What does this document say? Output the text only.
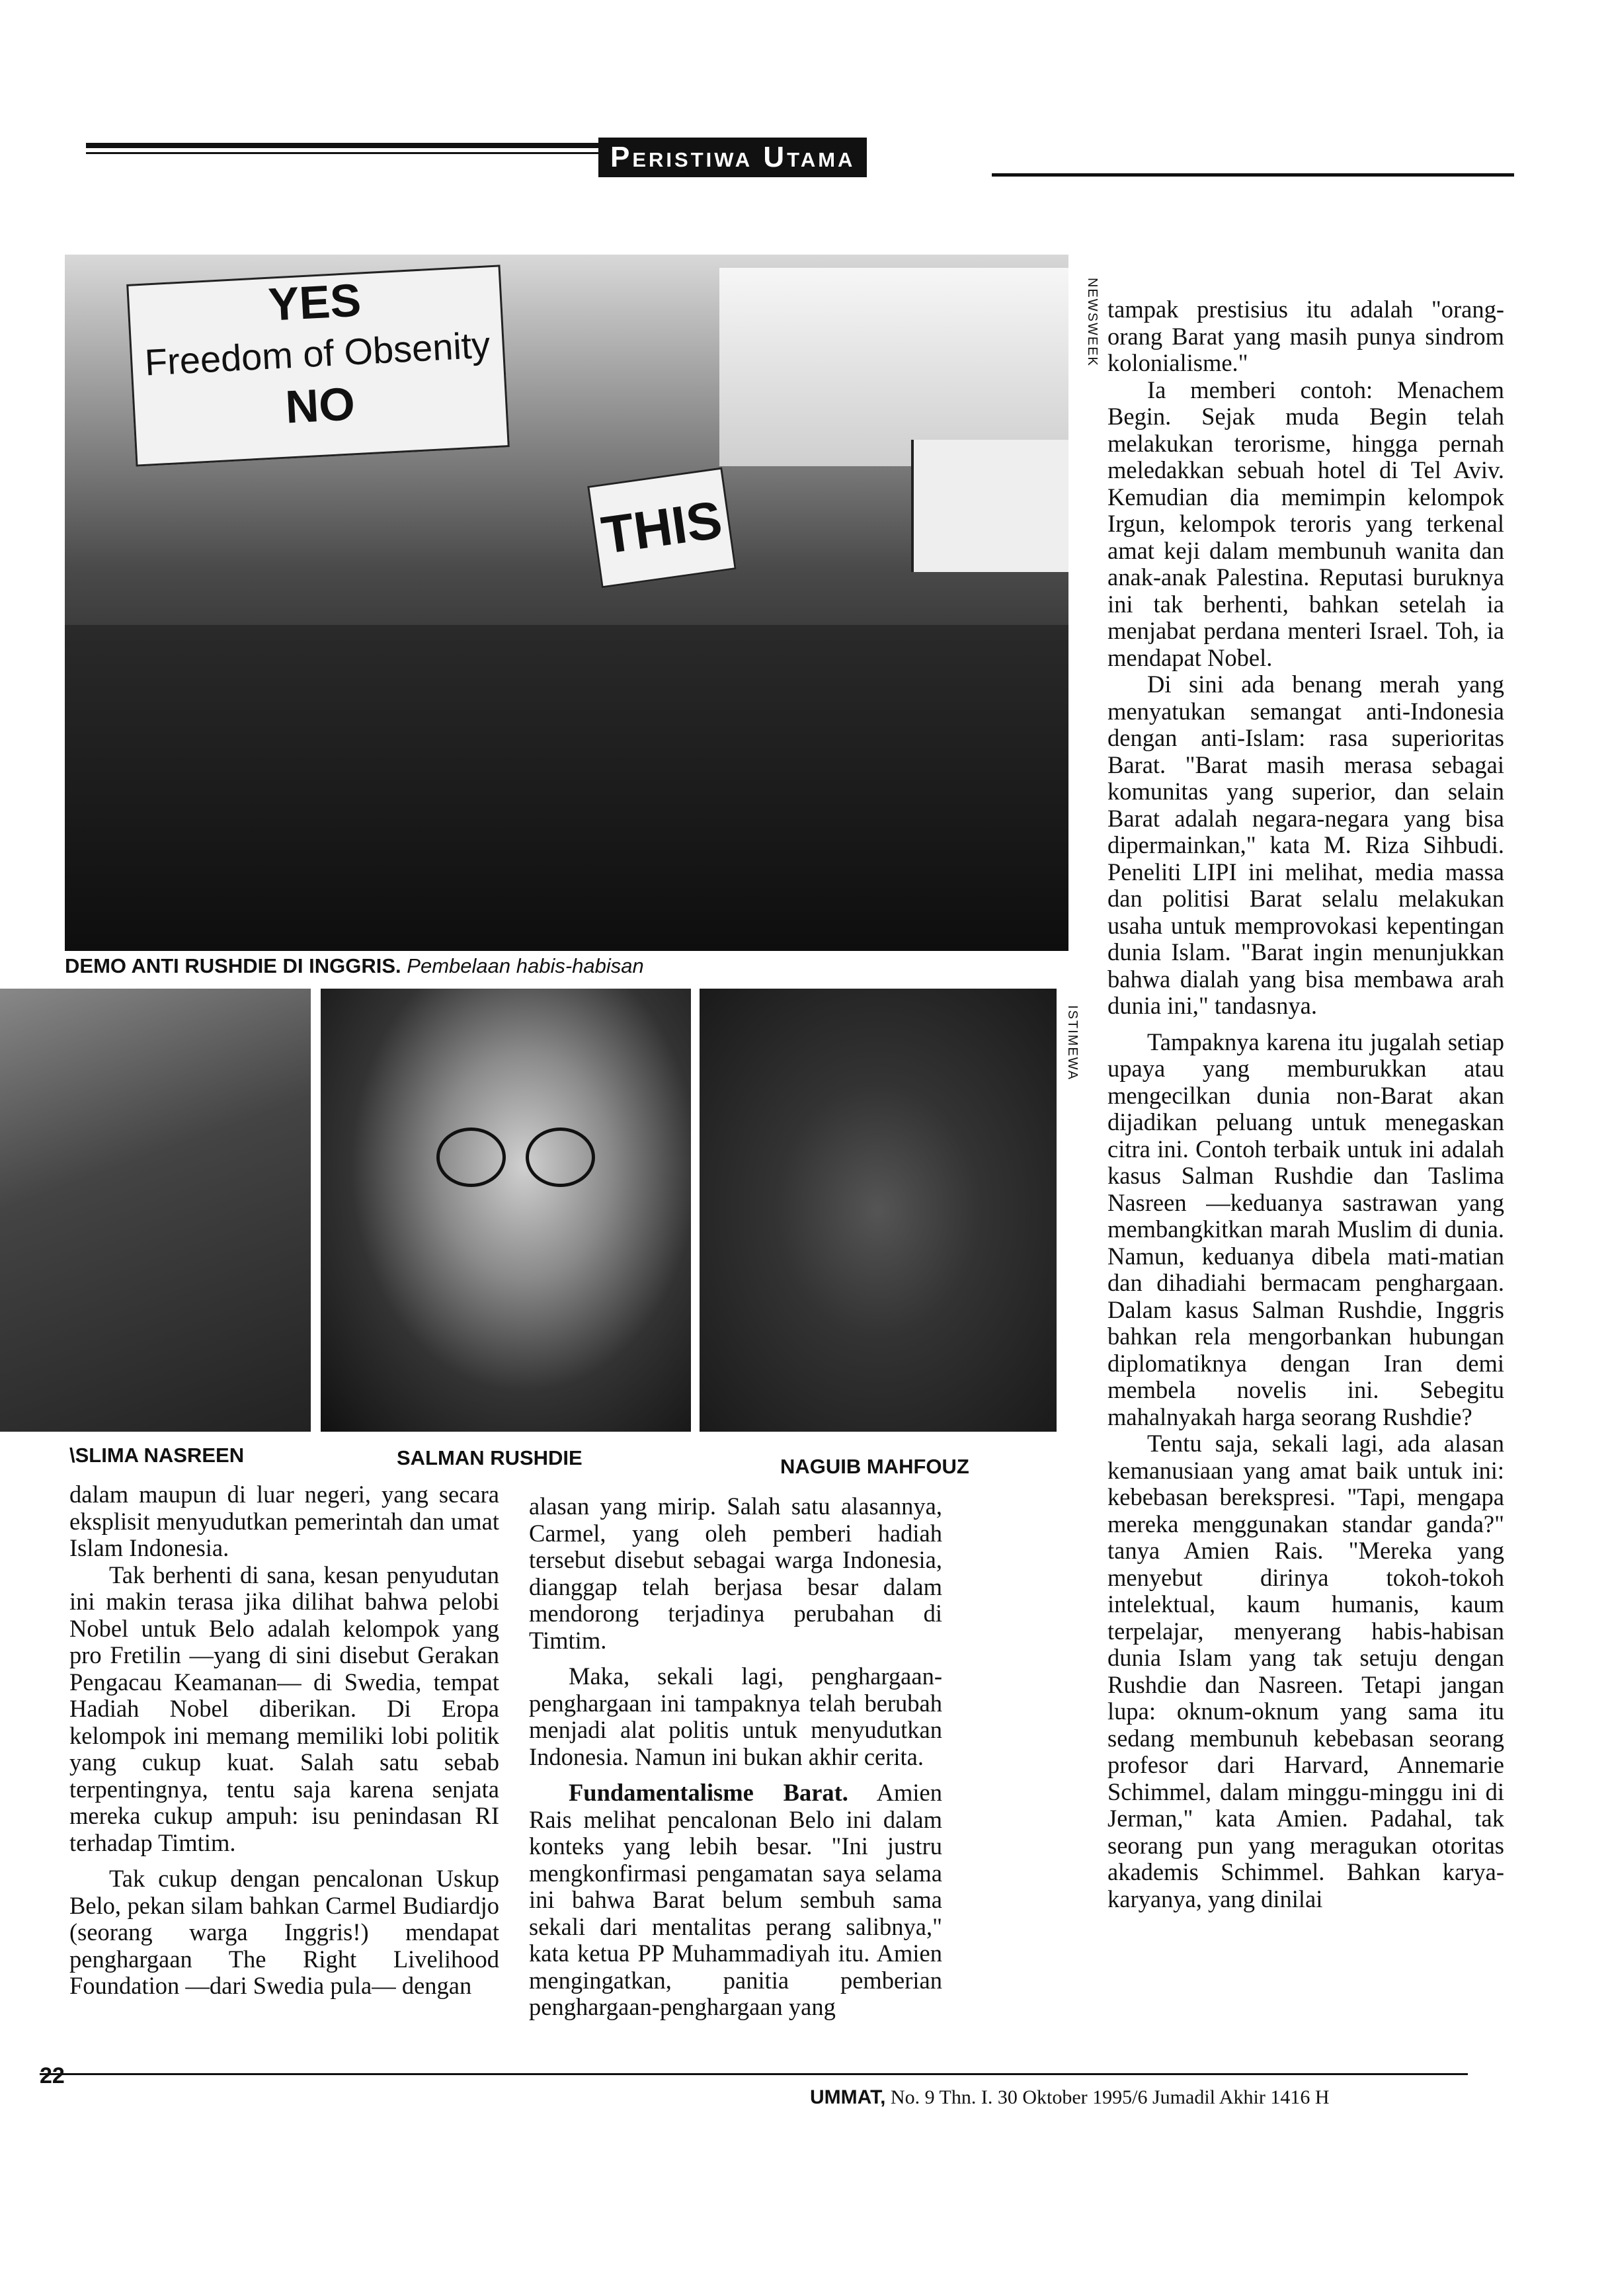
Peristiwa Utama
YES
Freedom of Obsenity
NO
THIS
NEWSWEEK
DEMO ANTI RUSHDIE DI INGGRIS. Pembelaan habis-habisan
ISTIMEWA
\SLIMA NASREEN	SALMAN RUSHDIE	NAGUIB MAHFOUZ

dalam maupun di luar negeri, yang secara eksplisit menyudutkan pemerintah dan umat Islam Indonesia.

Tak berhenti di sana, kesan penyudutan ini makin terasa jika dilihat bahwa pelobi Nobel untuk Belo adalah kelompok yang pro Fretilin —yang di sini disebut Gerakan Pengacau Keamanan— di Swedia, tempat Hadiah Nobel diberikan. Di Eropa kelompok ini memang memiliki lobi politik yang cukup kuat. Salah satu sebab terpentingnya, tentu saja karena senjata mereka cukup ampuh: isu penindasan RI terhadap Timtim.

Tak cukup dengan pencalonan Uskup Belo, pekan silam bahkan Carmel Budiardjo (seorang warga Inggris!) mendapat penghargaan The Right Livelihood Foundation —dari Swedia pula— dengan

alasan yang mirip. Salah satu alasannya, Carmel, yang oleh pemberi hadiah tersebut disebut sebagai warga Indonesia, dianggap telah berjasa besar dalam mendorong terjadinya perubahan di Timtim.

Maka, sekali lagi, penghargaan-penghargaan ini tampaknya telah berubah menjadi alat politis untuk menyudutkan Indonesia. Namun ini bukan akhir cerita.

Fundamentalisme Barat. Amien Rais melihat pencalonan Belo ini dalam konteks yang lebih besar. "Ini justru mengkonfirmasi pengamatan saya selama ini bahwa Barat belum sembuh sama sekali dari mentalitas perang salibnya," kata ketua PP Muhammadiyah itu. Amien mengingatkan, panitia pemberian penghargaan-penghargaan yang

tampak prestisius itu adalah "orang-orang Barat yang masih punya sindrom kolonialisme."

Ia memberi contoh: Menachem Begin. Sejak muda Begin telah melakukan terorisme, hingga pernah meledakkan sebuah hotel di Tel Aviv. Kemudian dia memimpin kelompok Irgun, kelompok teroris yang terkenal amat keji dalam membunuh wanita dan anak-anak Palestina. Reputasi buruknya ini tak berhenti, bahkan setelah ia menjabat perdana menteri Israel. Toh, ia mendapat Nobel.

Di sini ada benang merah yang menyatukan semangat anti-Indonesia dengan anti-Islam: rasa superioritas Barat. "Barat masih merasa sebagai komunitas yang superior, dan selain Barat adalah negara-negara yang bisa dipermainkan," kata M. Riza Sihbudi. Peneliti LIPI ini melihat, media massa dan politisi Barat selalu melakukan usaha untuk memprovokasi kepentingan dunia Islam. "Barat ingin menunjukkan bahwa dialah yang bisa membawa arah dunia ini," tandasnya.

Tampaknya karena itu jugalah setiap upaya yang memburukkan atau mengecilkan dunia non-Barat akan dijadikan peluang untuk menegaskan citra ini. Contoh terbaik untuk ini adalah kasus Salman Rushdie dan Taslima Nasreen —keduanya sastrawan yang membangkitkan marah Muslim di dunia. Namun, keduanya dibela mati-matian dan dihadiahi bermacam penghargaan. Dalam kasus Salman Rushdie, Inggris bahkan rela mengorbankan hubungan diplomatiknya dengan Iran demi membela novelis ini. Sebegitu mahalnyakah harga seorang Rushdie?

Tentu saja, sekali lagi, ada alasan kemanusiaan yang amat baik untuk ini: kebebasan berekspresi. "Tapi, mengapa mereka menggunakan standar ganda?" tanya Amien Rais. "Mereka yang menyebut dirinya tokoh-tokoh intelektual, kaum humanis, kaum terpelajar, menyerang habis-habisan dunia Islam yang tak setuju dengan Rushdie dan Nasreen. Tetapi jangan lupa: oknum-oknum yang sama itu sedang membunuh kebebasan seorang profesor dari Harvard, Annemarie Schimmel, dalam minggu-minggu ini di Jerman," kata Amien. Padahal, tak seorang pun yang meragukan otoritas akademis Schimmel. Bahkan karya-karyanya, yang dinilai

22
UMMAT, No. 9 Thn. I. 30 Oktober 1995/6 Jumadil Akhir 1416 H
